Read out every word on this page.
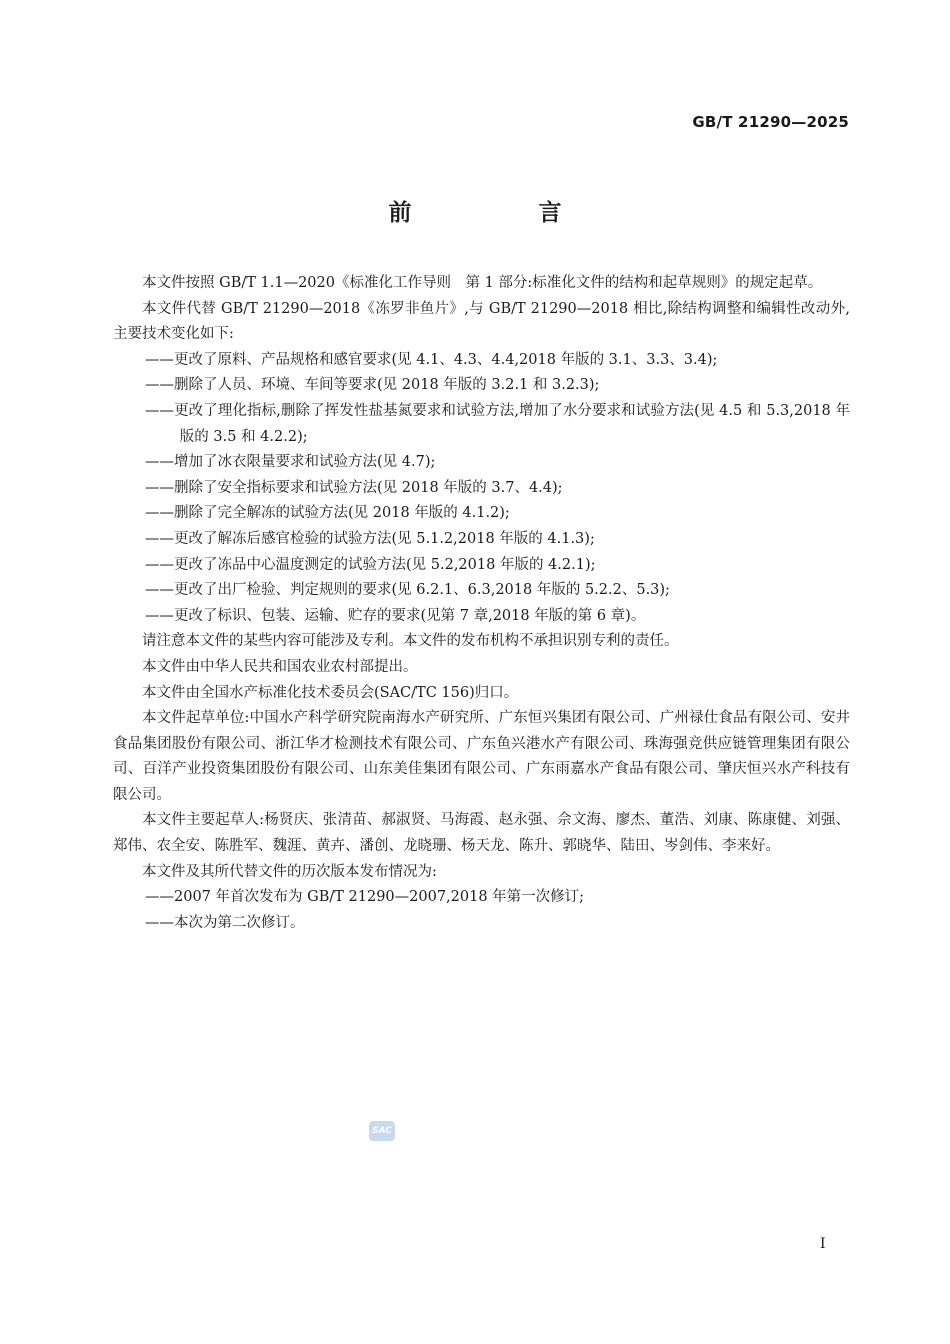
GB/T 21290—2025
前　言

本文件按照 GB/T 1.1—2020《标准化工作导则　第 1 部分:标准化文件的结构和起草规则》的规定起草。

本文件代替 GB/T 21290—2018《冻罗非鱼片》,与 GB/T 21290—2018 相比,除结构调整和编辑性改动外,主要技术变化如下:

——更改了原料、产品规格和感官要求(见 4.1、4.3、4.4,2018 年版的 3.1、3.3、3.4);

——删除了人员、环境、车间等要求(见 2018 年版的 3.2.1 和 3.2.3);

——更改了理化指标,删除了挥发性盐基氮要求和试验方法,增加了水分要求和试验方法(见 4.5 和 5.3,2018 年版的 3.5 和 4.2.2);

——增加了冰衣限量要求和试验方法(见 4.7);

——删除了安全指标要求和试验方法(见 2018 年版的 3.7、4.4);

——删除了完全解冻的试验方法(见 2018 年版的 4.1.2);

——更改了解冻后感官检验的试验方法(见 5.1.2,2018 年版的 4.1.3);

——更改了冻品中心温度测定的试验方法(见 5.2,2018 年版的 4.2.1);

——更改了出厂检验、判定规则的要求(见 6.2.1、6.3,2018 年版的 5.2.2、5.3);

——更改了标识、包装、运输、贮存的要求(见第 7 章,2018 年版的第 6 章)。

请注意本文件的某些内容可能涉及专利。本文件的发布机构不承担识别专利的责任。

本文件由中华人民共和国农业农村部提出。

本文件由全国水产标准化技术委员会(SAC/TC 156)归口。

本文件起草单位:中国水产科学研究院南海水产研究所、广东恒兴集团有限公司、广州禄仕食品有限公司、安井食品集团股份有限公司、浙江华才检测技术有限公司、广东鱼兴港水产有限公司、珠海强竞供应链管理集团有限公司、百洋产业投资集团股份有限公司、山东美佳集团有限公司、广东雨嘉水产食品有限公司、肇庆恒兴水产科技有限公司。

本文件主要起草人:杨贤庆、张清苗、郝淑贤、马海霞、赵永强、佘文海、廖杰、董浩、刘康、陈康健、刘强、郑伟、农全安、陈胜军、魏涯、黄卉、潘创、龙晓珊、杨天龙、陈升、郭晓华、陆田、岑剑伟、李来好。

本文件及其所代替文件的历次版本发布情况为:

——2007 年首次发布为 GB/T 21290—2007,2018 年第一次修订;

——本次为第二次修订。

SAC
Ⅰ
